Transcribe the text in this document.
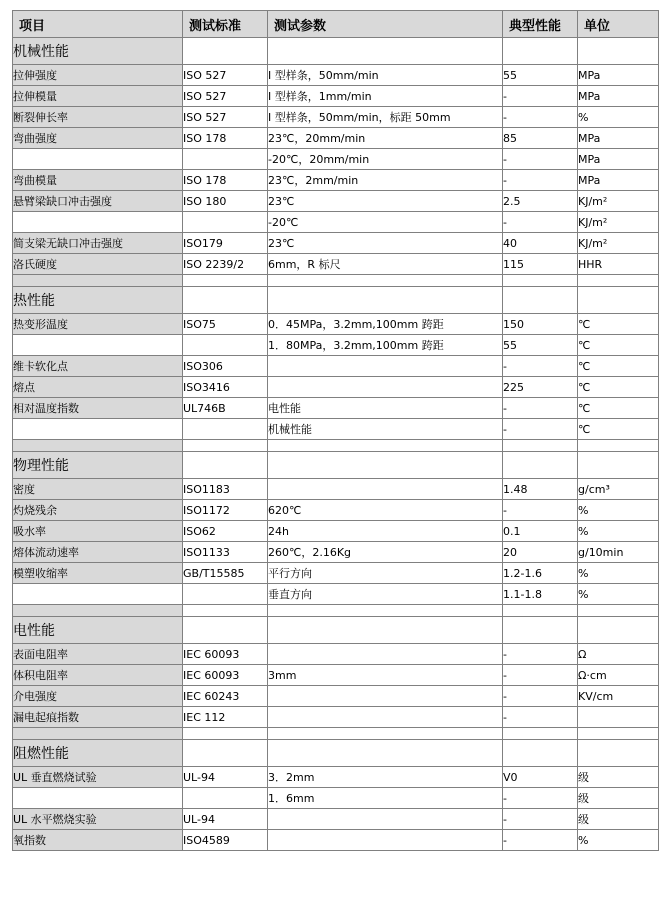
项目	测试标准	测试参数	典型性能	单位
机械性能				
拉伸强度	ISO 527	I 型样条，50mm/min	55	MPa
拉伸模量	ISO 527	I 型样条，1mm/min	-	MPa
断裂伸长率	ISO 527	I 型样条，50mm/min，标距 50mm	-	%
弯曲强度	ISO 178	23℃，20mm/min	85	MPa
		-20℃，20mm/min	-	MPa
弯曲模量	ISO 178	23℃，2mm/min	-	MPa
悬臂梁缺口冲击强度	ISO 180	23℃	2.5	KJ/m²
		-20℃	-	KJ/m²
简支梁无缺口冲击强度	ISO179	23℃	40	KJ/m²
洛氏硬度	ISO 2239/2	6mm，R 标尺	115	HHR

热性能				
热变形温度	ISO75	0．45MPa，3.2mm,100mm 跨距	150	℃
		1．80MPa，3.2mm,100mm 跨距	55	℃
维卡软化点	ISO306		-	℃
熔点	ISO3416		225	℃
相对温度指数	UL746B	电性能	-	℃
		机械性能	-	℃

物理性能				
密度	ISO1183		1.48	g/cm³
灼烧残余	ISO1172	620℃	-	%
吸水率	ISO62	24h	0.1	%
熔体流动速率	ISO1133	260℃，2.16Kg	20	g/10min
模塑收缩率	GB/T15585	平行方向	1.2-1.6	%
		垂直方向	1.1-1.8	%

电性能				
表面电阻率	IEC 60093		-	Ω
体积电阻率	IEC 60093	3mm	-	Ω·cm
介电强度	IEC 60243		-	KV/cm
漏电起痕指数	IEC 112		-	

阻燃性能				
UL 垂直燃烧试验	UL-94	3．2mm	V0	级
		1．6mm	-	级
UL 水平燃烧实验	UL-94		-	级
氧指数	ISO4589		-	%
